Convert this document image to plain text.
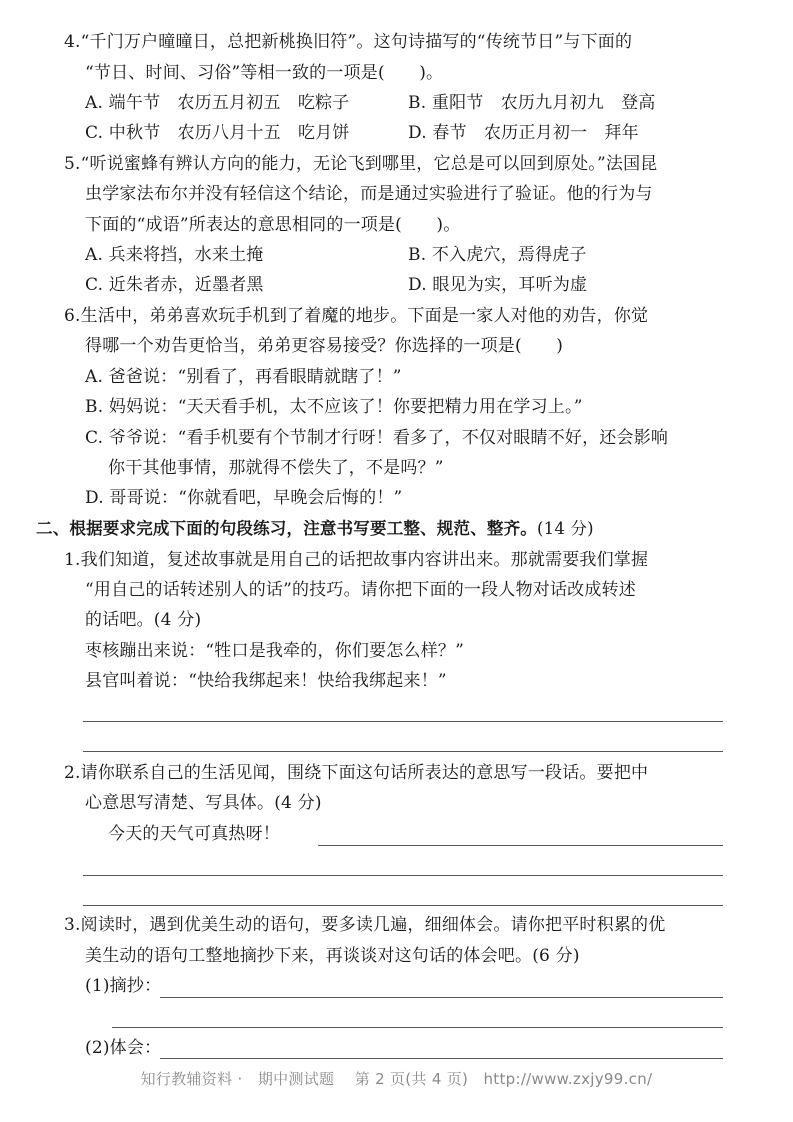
4.“千门万户曈曈日，总把新桃换旧符”。这句诗描写的“传统节日”与下面的
“节日、时间、习俗”等相一致的一项是(　　)。
A. 端午节　农历五月初五　吃粽子	B. 重阳节　农历九月初九　登高
C. 中秋节　农历八月十五　吃月饼	D. 春节　农历正月初一　拜年
5.“听说蜜蜂有辨认方向的能力，无论飞到哪里，它总是可以回到原处。”法国昆
虫学家法布尔并没有轻信这个结论，而是通过实验进行了验证。他的行为与
下面的“成语”所表达的意思相同的一项是(　　)。
A. 兵来将挡，水来土掩	B. 不入虎穴，焉得虎子
C. 近朱者赤，近墨者黑	D. 眼见为实，耳听为虚
6.生活中，弟弟喜欢玩手机到了着魔的地步。下面是一家人对他的劝告，你觉
得哪一个劝告更恰当，弟弟更容易接受？你选择的一项是(　　)
A. 爸爸说：“别看了，再看眼睛就瞎了！”
B. 妈妈说：“天天看手机，太不应该了！你要把精力用在学习上。”
C. 爷爷说：“看手机要有个节制才行呀！看多了，不仅对眼睛不好，还会影响
你干其他事情，那就得不偿失了，不是吗？”
D. 哥哥说：“你就看吧，早晚会后悔的！”
二、根据要求完成下面的句段练习，注意书写要工整、规范、整齐。(14 分)
1.我们知道，复述故事就是用自己的话把故事内容讲出来。那就需要我们掌握
“用自己的话转述别人的话”的技巧。请你把下面的一段人物对话改成转述
的话吧。(4 分)
枣核蹦出来说：“牲口是我牵的，你们要怎么样？”
县官叫着说：“快给我绑起来！快给我绑起来！”
2.请你联系自己的生活见闻，围绕下面这句话所表达的意思写一段话。要把中
心意思写清楚、写具体。(4 分)
今天的天气可真热呀！
3.阅读时，遇到优美生动的语句，要多读几遍，细细体会。请你把平时积累的优
美生动的语句工整地摘抄下来，再谈谈对这句话的体会吧。(6 分)
(1)摘抄：
(2)体会：
知行教辅资料 ·　期中测试题 　第 2 页(共 4 页)　http://www.zxjy99.cn/
